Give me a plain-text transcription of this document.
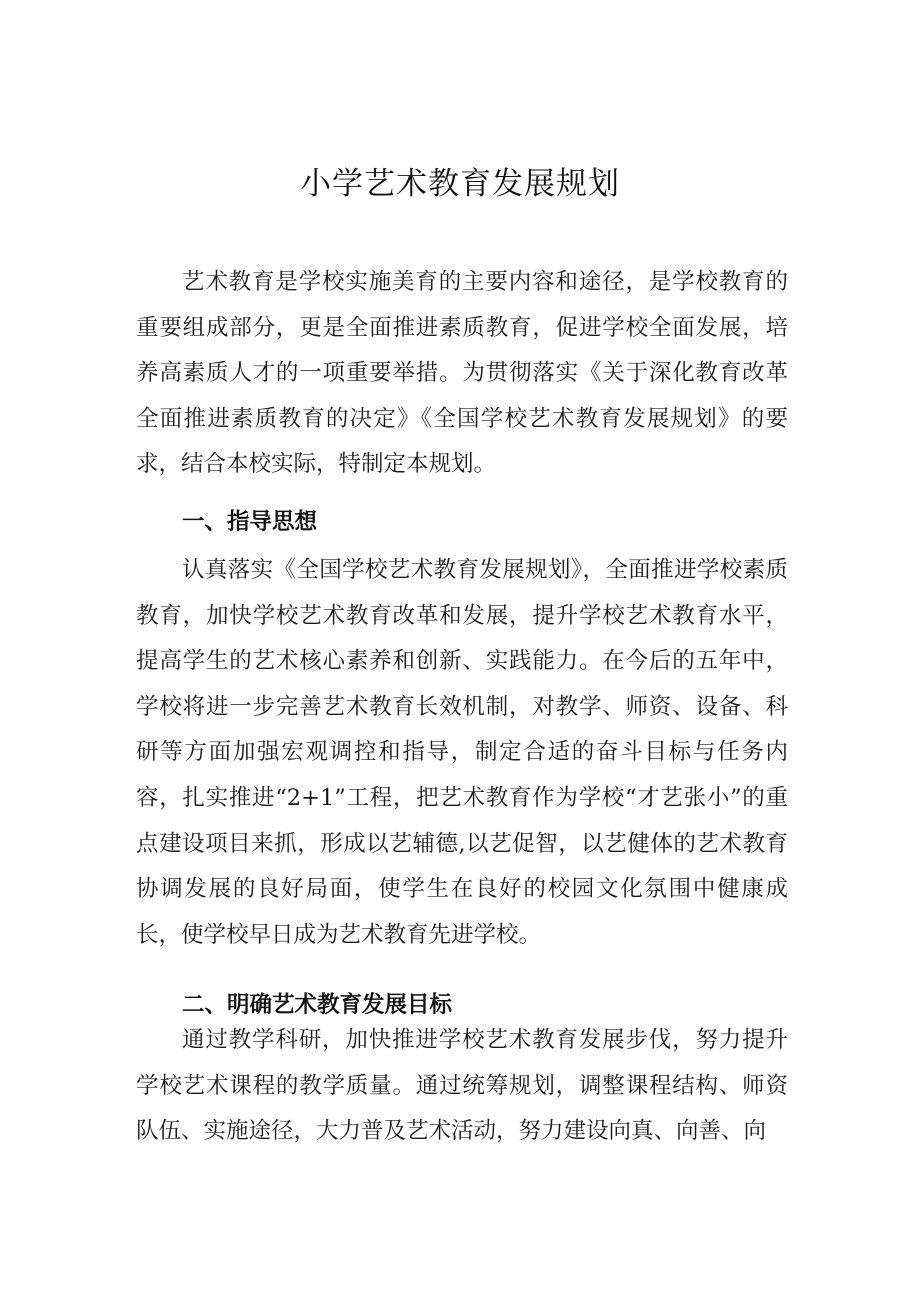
小学艺术教育发展规划

艺术教育是学校实施美育的主要内容和途径，是学校教育的重要组成部分，更是全面推进素质教育，促进学校全面发展，培养高素质人才的一项重要举措。为贯彻落实《关于深化教育改革全面推进素质教育的决定》《全国学校艺术教育发展规划》的要求，结合本校实际，特制定本规划。

一、指导思想

认真落实《全国学校艺术教育发展规划》，全面推进学校素质教育，加快学校艺术教育改革和发展，提升学校艺术教育水平，提高学生的艺术核心素养和创新、实践能力。在今后的五年中，学校将进一步完善艺术教育长效机制，对教学、师资、设备、科研等方面加强宏观调控和指导，制定合适的奋斗目标与任务内容，扎实推进“2+1”工程，把艺术教育作为学校“才艺张小”的重点建设项目来抓，形成以艺辅德,以艺促智，以艺健体的艺术教育协调发展的良好局面，使学生在良好的校园文化氛围中健康成长，使学校早日成为艺术教育先进学校。

二、明确艺术教育发展目标

通过教学科研，加快推进学校艺术教育发展步伐，努力提升学校艺术课程的教学质量。通过统筹规划，调整课程结构、师资队伍、实施途径，大力普及艺术活动，努力建设向真、向善、向
